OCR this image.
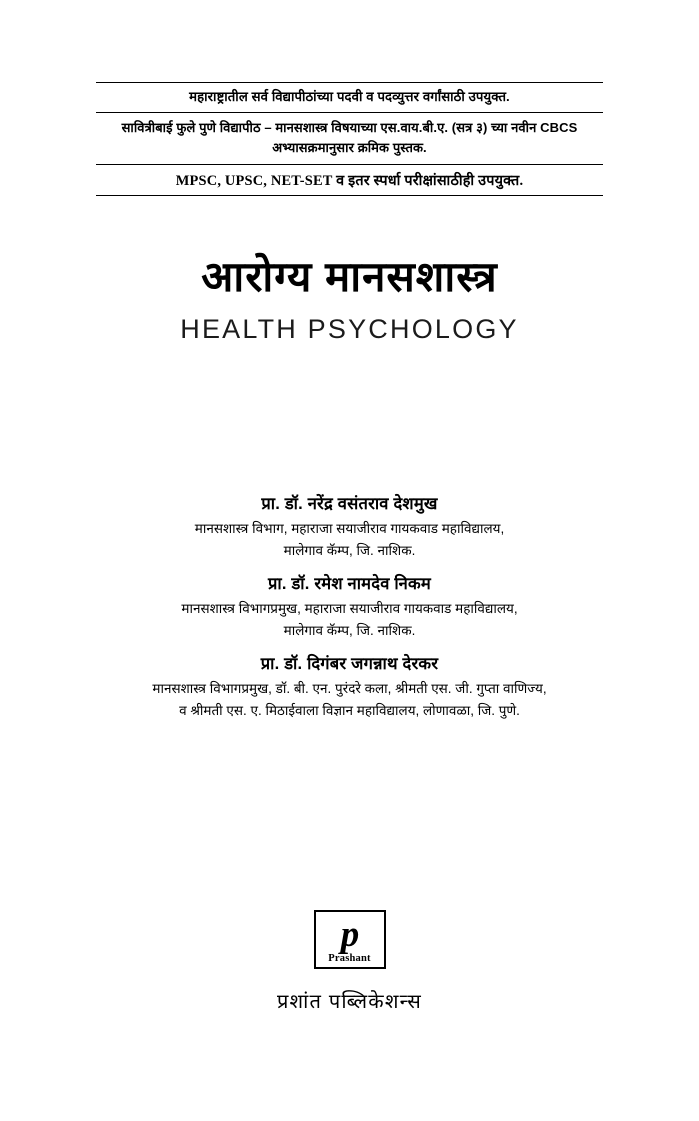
महाराष्ट्रातील सर्व विद्यापीठांच्या पदवी व पदव्युत्तर वर्गांसाठी उपयुक्त.
सावित्रीबाई फुले पुणे विद्यापीठ – मानसशास्त्र विषयाच्या एस.वाय.बी.ए. (सत्र ३) च्या नवीन CBCS अभ्यासक्रमानुसार क्रमिक पुस्तक.
MPSC, UPSC, NET-SET व इतर स्पर्धा परीक्षांसाठीही उपयुक्त.
आरोग्य मानसशास्त्र
HEALTH PSYCHOLOGY
प्रा. डॉ. नरेंद्र वसंतराव देशमुख
मानसशास्त्र विभाग, महाराजा सयाजीराव गायकवाड महाविद्यालय,
मालेगाव कॅम्प, जि. नाशिक.
प्रा. डॉ. रमेश नामदेव निकम
मानसशास्त्र विभागप्रमुख, महाराजा सयाजीराव गायकवाड महाविद्यालय,
मालेगाव कॅम्प, जि. नाशिक.
प्रा. डॉ. दिगंबर जगन्नाथ देरकर
मानसशास्त्र विभागप्रमुख, डॉ. बी. एन. पुरंदरे कला, श्रीमती एस. जी. गुप्ता वाणिज्य,
व श्रीमती एस. ए. मिठाईवाला विज्ञान महाविद्यालय, लोणावळा, जि. पुणे.
p
Prashant
प्रशांत पब्लिकेशन्स
